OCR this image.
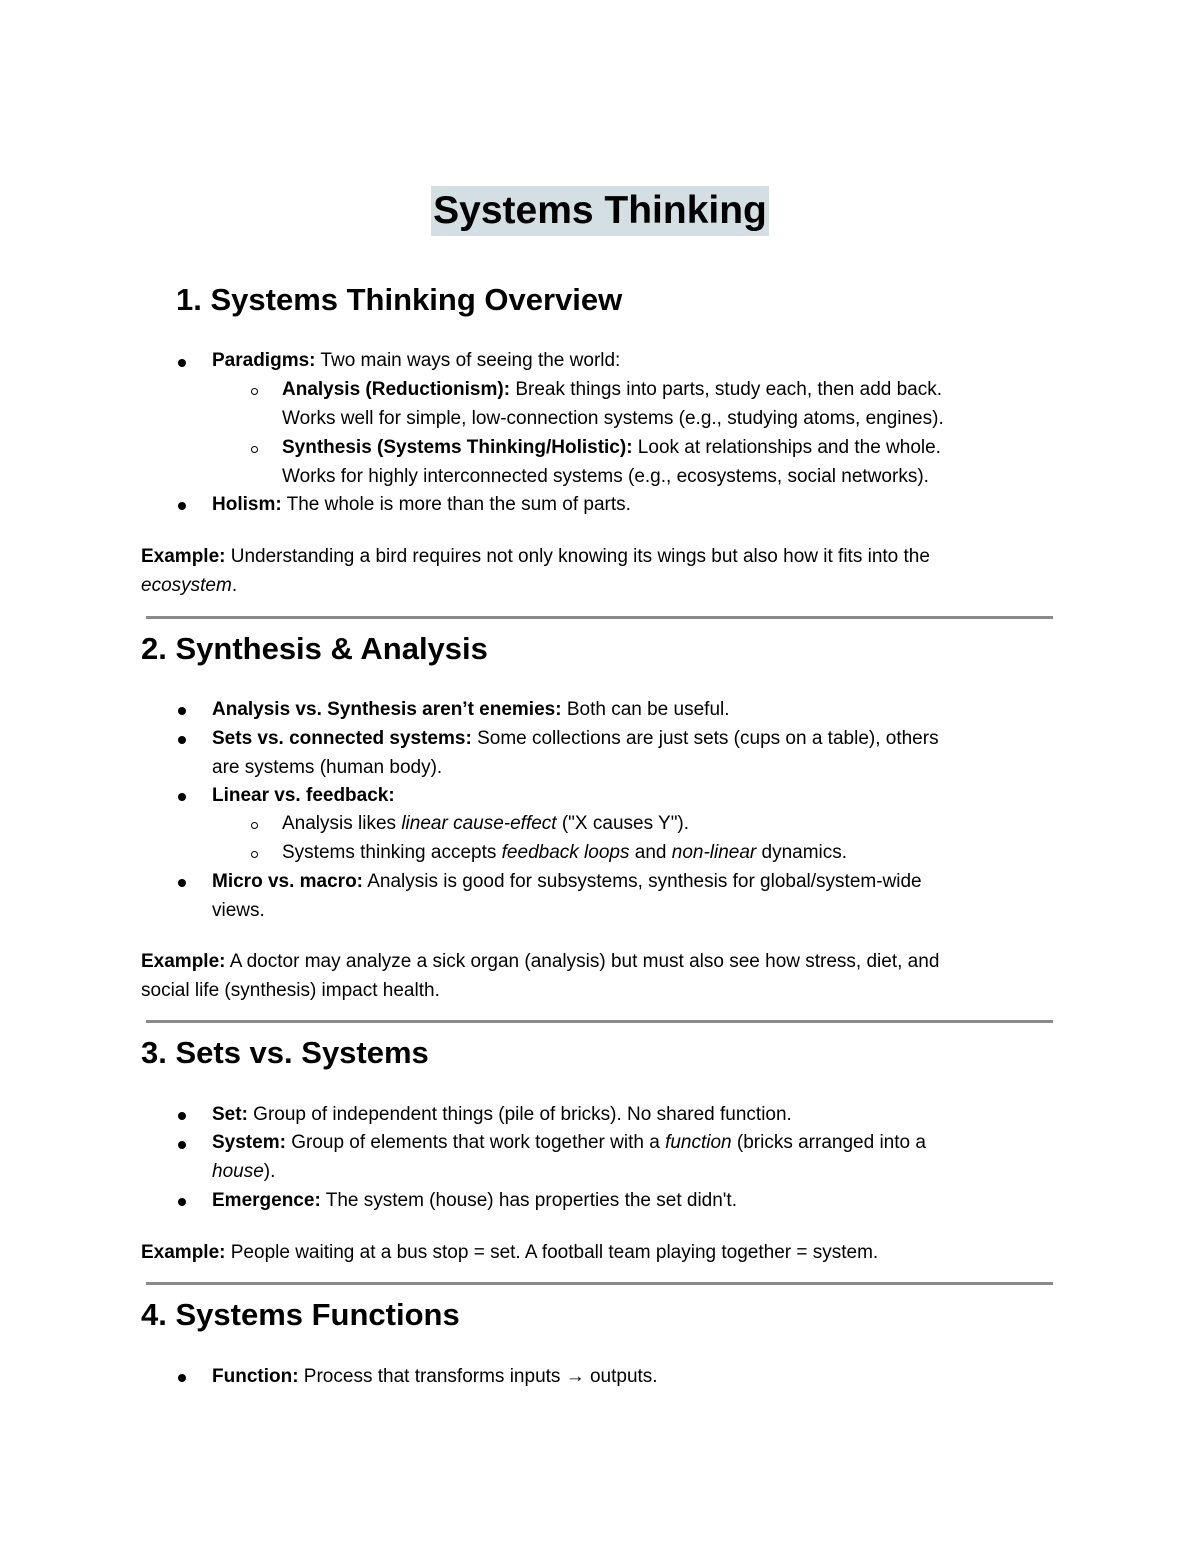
Systems Thinking
1. Systems Thinking Overview

Paradigms: Two main ways of seeing the world:

Analysis (Reductionism): Break things into parts, study each, then add back.

Works well for simple, low-connection systems (e.g., studying atoms, engines).

Synthesis (Systems Thinking/Holistic): Look at relationships and the whole.

Works for highly interconnected systems (e.g., ecosystems, social networks).

Holism: The whole is more than the sum of parts.

Example: Understanding a bird requires not only knowing its wings but also how it fits into the

ecosystem.

2. Synthesis & Analysis

Analysis vs. Synthesis aren’t enemies: Both can be useful.

Sets vs. connected systems: Some collections are just sets (cups on a table), others

are systems (human body).

Linear vs. feedback:

Analysis likes linear cause-effect ("X causes Y").

Systems thinking accepts feedback loops and non-linear dynamics.

Micro vs. macro: Analysis is good for subsystems, synthesis for global/system-wide

views.

Example: A doctor may analyze a sick organ (analysis) but must also see how stress, diet, and

social life (synthesis) impact health.

3. Sets vs. Systems

Set: Group of independent things (pile of bricks). No shared function.

System: Group of elements that work together with a function (bricks arranged into a

house).

Emergence: The system (house) has properties the set didn't.

Example: People waiting at a bus stop = set. A football team playing together = system.

4. Systems Functions

Function: Process that transforms inputs → outputs.
